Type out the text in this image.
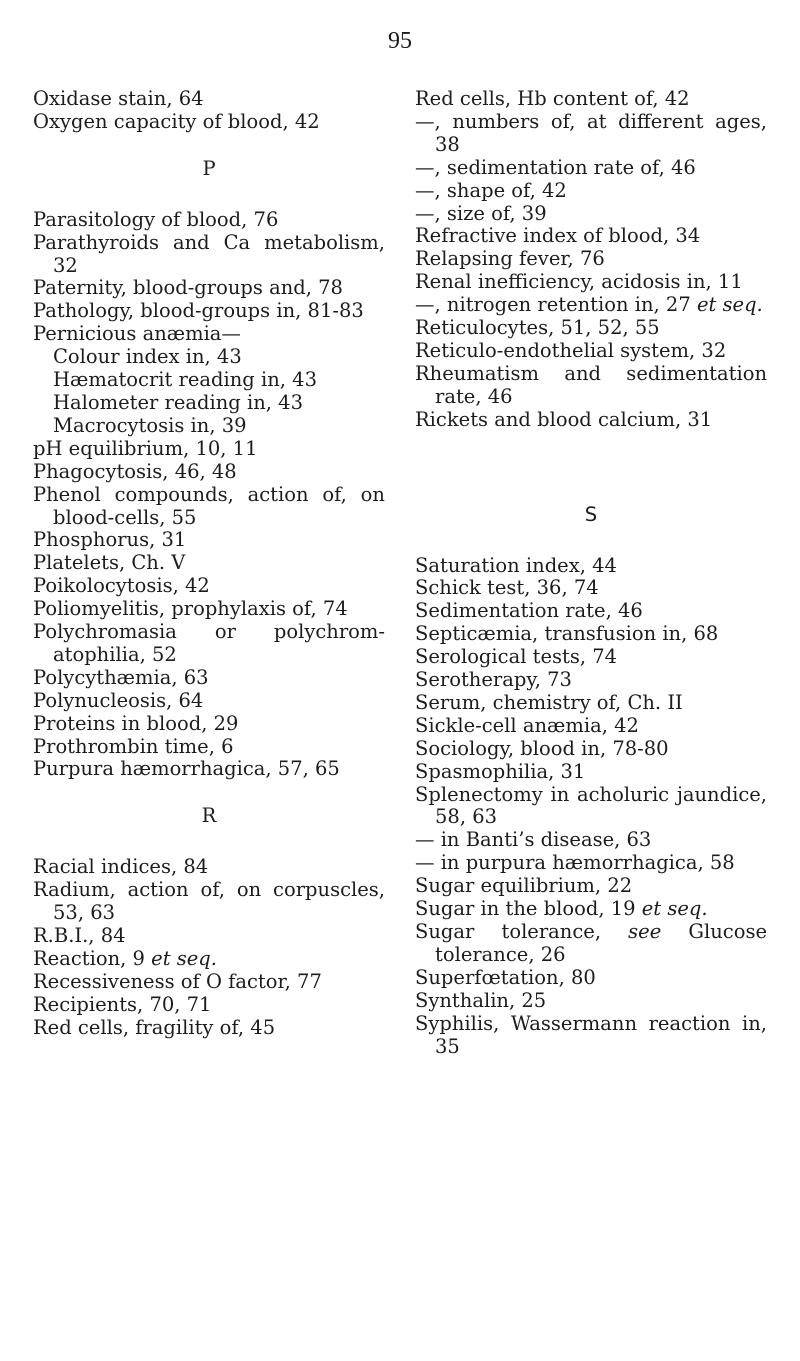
95
Oxidase stain, 64
Oxygen capacity of blood, 42
P
Parasitology of blood, 76
Parathyroids and Ca metabolism, 32
Paternity, blood-groups and, 78
Pathology, blood-groups in, 81-83
Pernicious anæmia—
Colour index in, 43
Hæmatocrit reading in, 43
Halometer reading in, 43
Macrocytosis in, 39
pH equilibrium, 10, 11
Phagocytosis, 46, 48
Phenol compounds, action of, on blood-cells, 55
Phosphorus, 31
Platelets, Ch. V
Poikolocytosis, 42
Poliomyelitis, prophylaxis of, 74
Polychromasia or polychromatophilia, 52
Polycythæmia, 63
Polynucleosis, 64
Proteins in blood, 29
Prothrombin time, 6
Purpura hæmorrhagica, 57, 65
R
Racial indices, 84
Radium, action of, on corpuscles, 53, 63
R.B.I., 84
Reaction, 9 et seq.
Recessiveness of O factor, 77
Recipients, 70, 71
Red cells, fragility of, 45
Red cells, Hb content of, 42
—, numbers of, at different ages, 38
—, sedimentation rate of, 46
—, shape of, 42
—, size of, 39
Refractive index of blood, 34
Relapsing fever, 76
Renal inefficiency, acidosis in, 11
—, nitrogen retention in, 27 et seq.
Reticulocytes, 51, 52, 55
Reticulo-endothelial system, 32
Rheumatism and sedimentation rate, 46
Rickets and blood calcium, 31
S
Saturation index, 44
Schick test, 36, 74
Sedimentation rate, 46
Septicæmia, transfusion in, 68
Serological tests, 74
Serotherapy, 73
Serum, chemistry of, Ch. II
Sickle-cell anæmia, 42
Sociology, blood in, 78-80
Spasmophilia, 31
Splenectomy in acholuric jaundice, 58, 63
— in Banti’s disease, 63
— in purpura hæmorrhagica, 58
Sugar equilibrium, 22
Sugar in the blood, 19 et seq.
Sugar tolerance, see Glucose tolerance, 26
Superfœtation, 80
Synthalin, 25
Syphilis, Wassermann reaction in, 35
